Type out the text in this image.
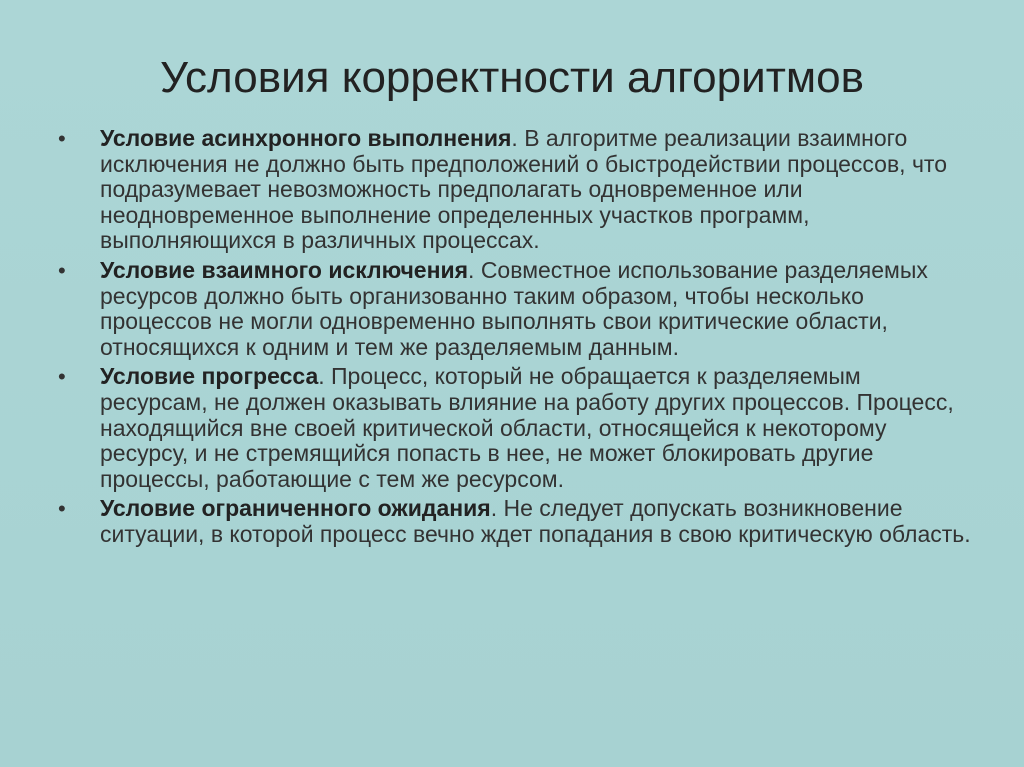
Условия корректности алгоритмов
• Условие асинхронного выполнения. В алгоритме реализации взаимного исключения не должно быть предположений о быстродействии процессов, что подразумевает невозможность предполагать одновременное или неодновременное выполнение определенных участков программ, выполняющихся в различных процессах.
• Условие взаимного исключения. Совместное использование разделяемых ресурсов должно быть организованно таким образом, чтобы несколько процессов не могли одновременно выполнять свои критические области, относящихся к одним и тем же разделяемым данным.
• Условие прогресса. Процесс, который не обращается к разделяемым ресурсам, не должен оказывать влияние на работу других процессов. Процесс, находящийся вне своей критической области, относящейся к некоторому ресурсу, и не стремящийся попасть в нее, не может блокировать другие процессы, работающие с тем же ресурсом.
• Условие ограниченного ожидания. Не следует допускать возникновение ситуации, в которой процесс вечно ждет попадания в свою критическую область.
